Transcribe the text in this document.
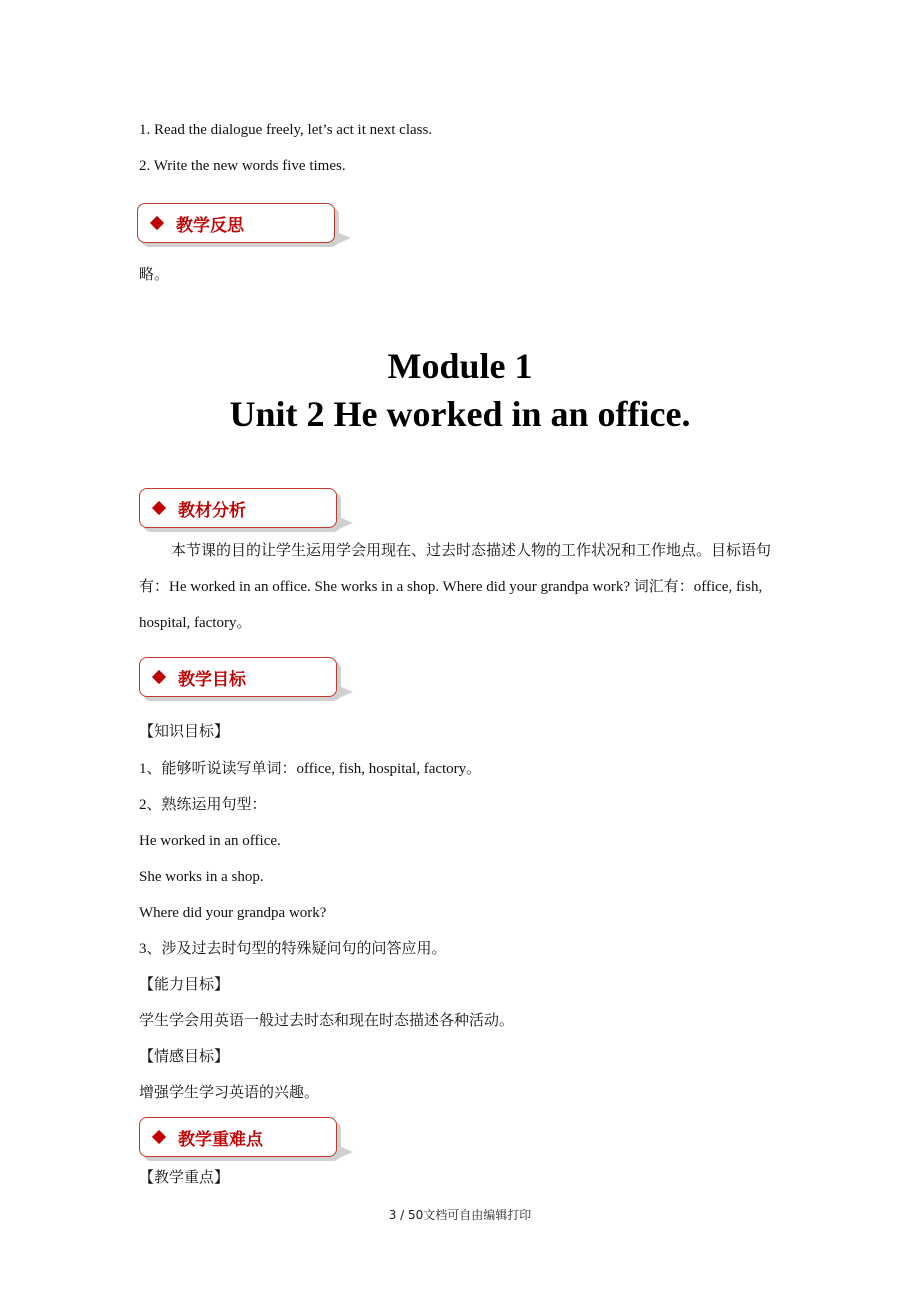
1. Read the dialogue freely, let’s act it next class.
2. Write the new words five times.
教学反思
略。
Module 1
Unit 2 He worked in an office.
教材分析
本节课的目的让学生运用学会用现在、过去时态描述人物的工作状况和工作地点。目标语句有：He worked in an office. She works in a shop. Where did your grandpa work? 词汇有：office, fish, hospital, factory。
教学目标
【知识目标】
1、能够听说读写单词：office, fish, hospital, factory。
2、熟练运用句型：
He worked in an office.
She works in a shop.
Where did your grandpa work?
3、涉及过去时句型的特殊疑问句的问答应用。
【能力目标】
学生学会用英语一般过去时态和现在时态描述各种活动。
【情感目标】
增强学生学习英语的兴趣。
教学重难点
【教学重点】
3 / 50文档可自由编辑打印
